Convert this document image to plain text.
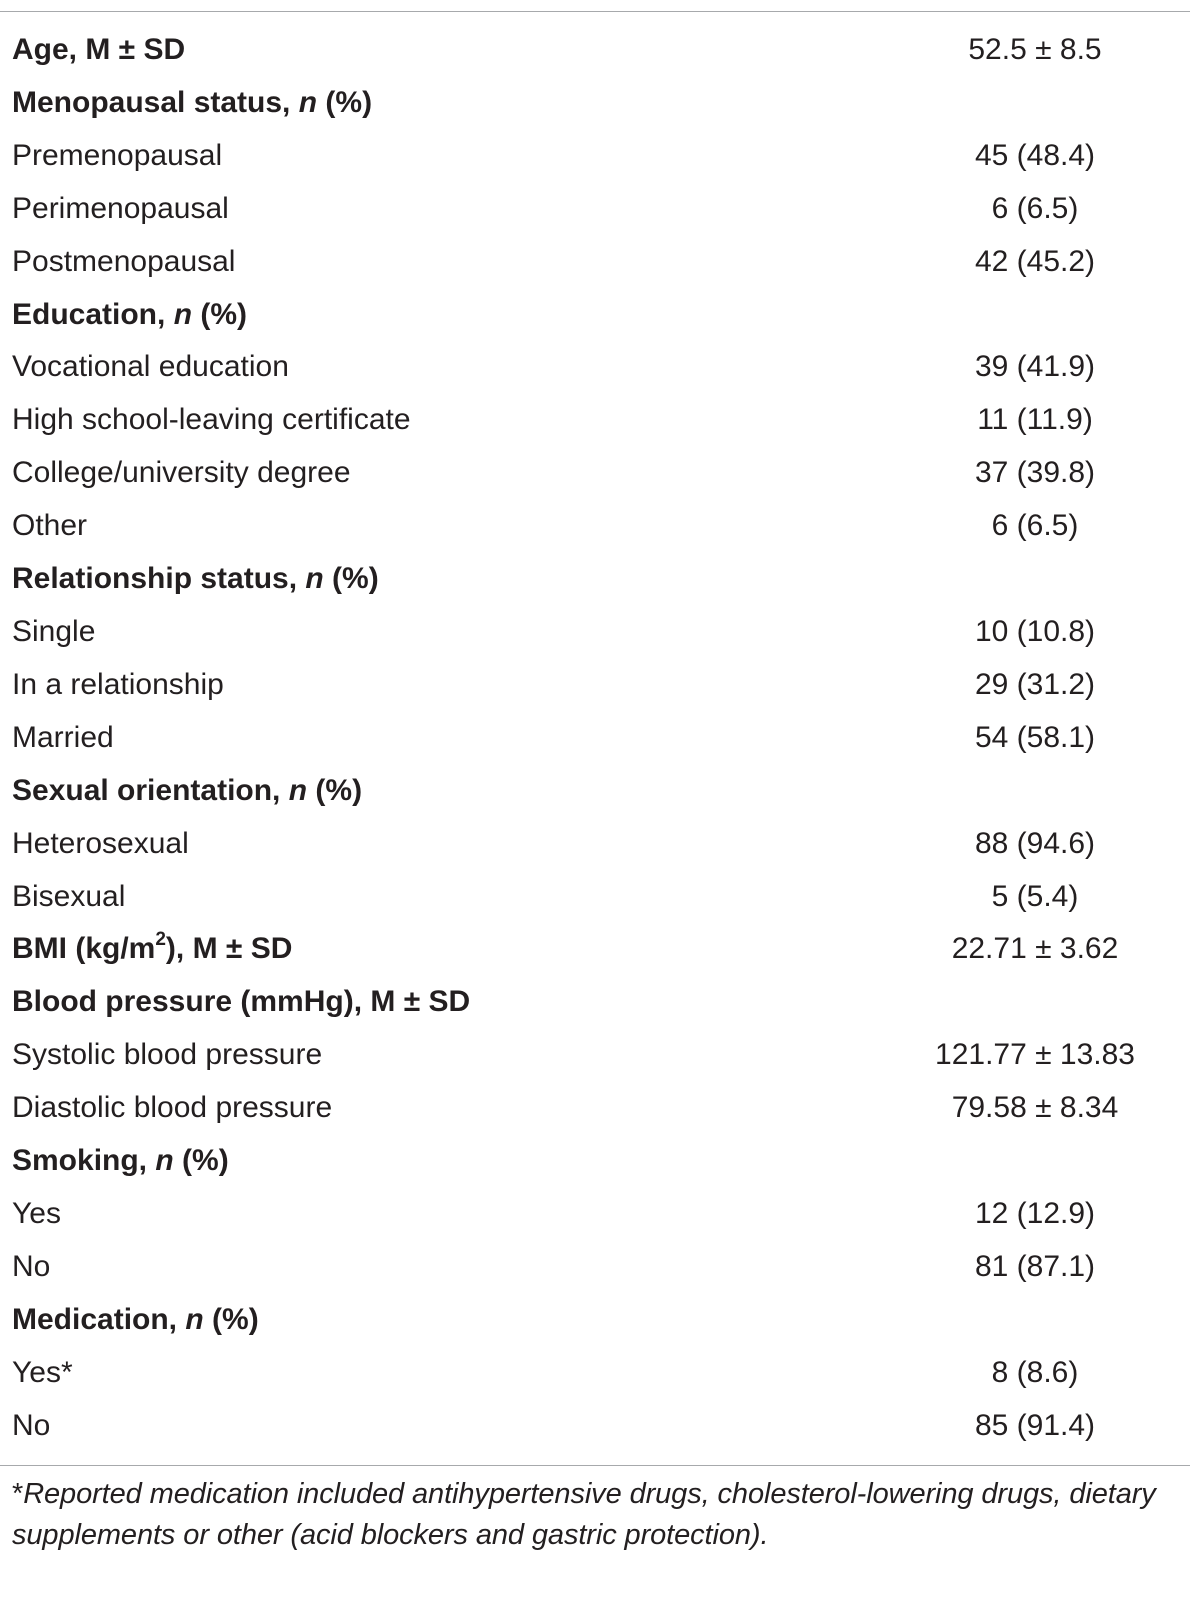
Age, M ± SD	52.5 ± 8.5
Menopausal status, n (%)	
Premenopausal	45 (48.4)
Perimenopausal	6 (6.5)
Postmenopausal	42 (45.2)
Education, n (%)	
Vocational education	39 (41.9)
High school-leaving certificate	11 (11.9)
College/university degree	37 (39.8)
Other	6 (6.5)
Relationship status, n (%)	
Single	10 (10.8)
In a relationship	29 (31.2)
Married	54 (58.1)
Sexual orientation, n (%)	
Heterosexual	88 (94.6)
Bisexual	5 (5.4)
BMI $(kg/m^2)$, M ± SD	22.71 ± 3.62
Blood pressure (mmHg), M ± SD	
Systolic blood pressure	121.77 ± 13.83
Diastolic blood pressure	79.58 ± 8.34
Smoking, n (%)	
Yes	12 (12.9)
No	81 (87.1)
Medication, n (%)	
Yes*	8 (8.6)
No	85 (91.4)
*Reported medication included antihypertensive drugs, cholesterol-lowering drugs, dietary supplements or other (acid blockers and gastric protection).
